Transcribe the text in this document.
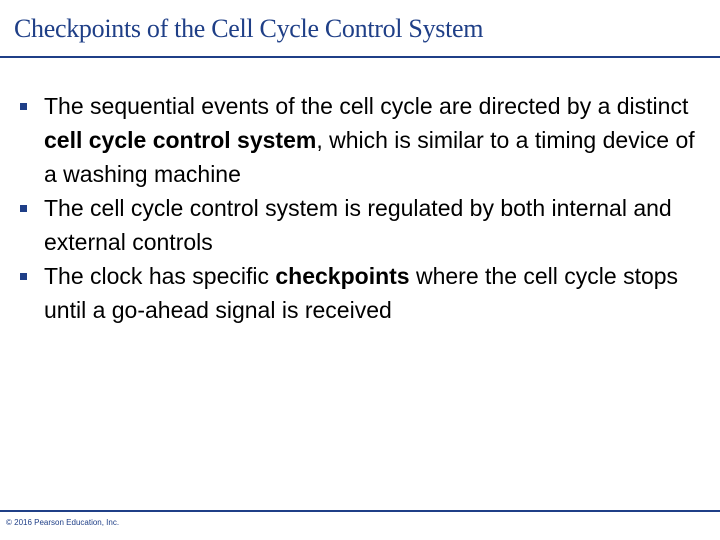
Checkpoints of the Cell Cycle Control System
The sequential events of the cell cycle are directed by a distinct cell cycle control system, which is similar to a timing device of a washing machine
The cell cycle control system is regulated by both internal and external controls
The clock has specific checkpoints where the cell cycle stops until a go-ahead signal is received
© 2016 Pearson Education, Inc.
